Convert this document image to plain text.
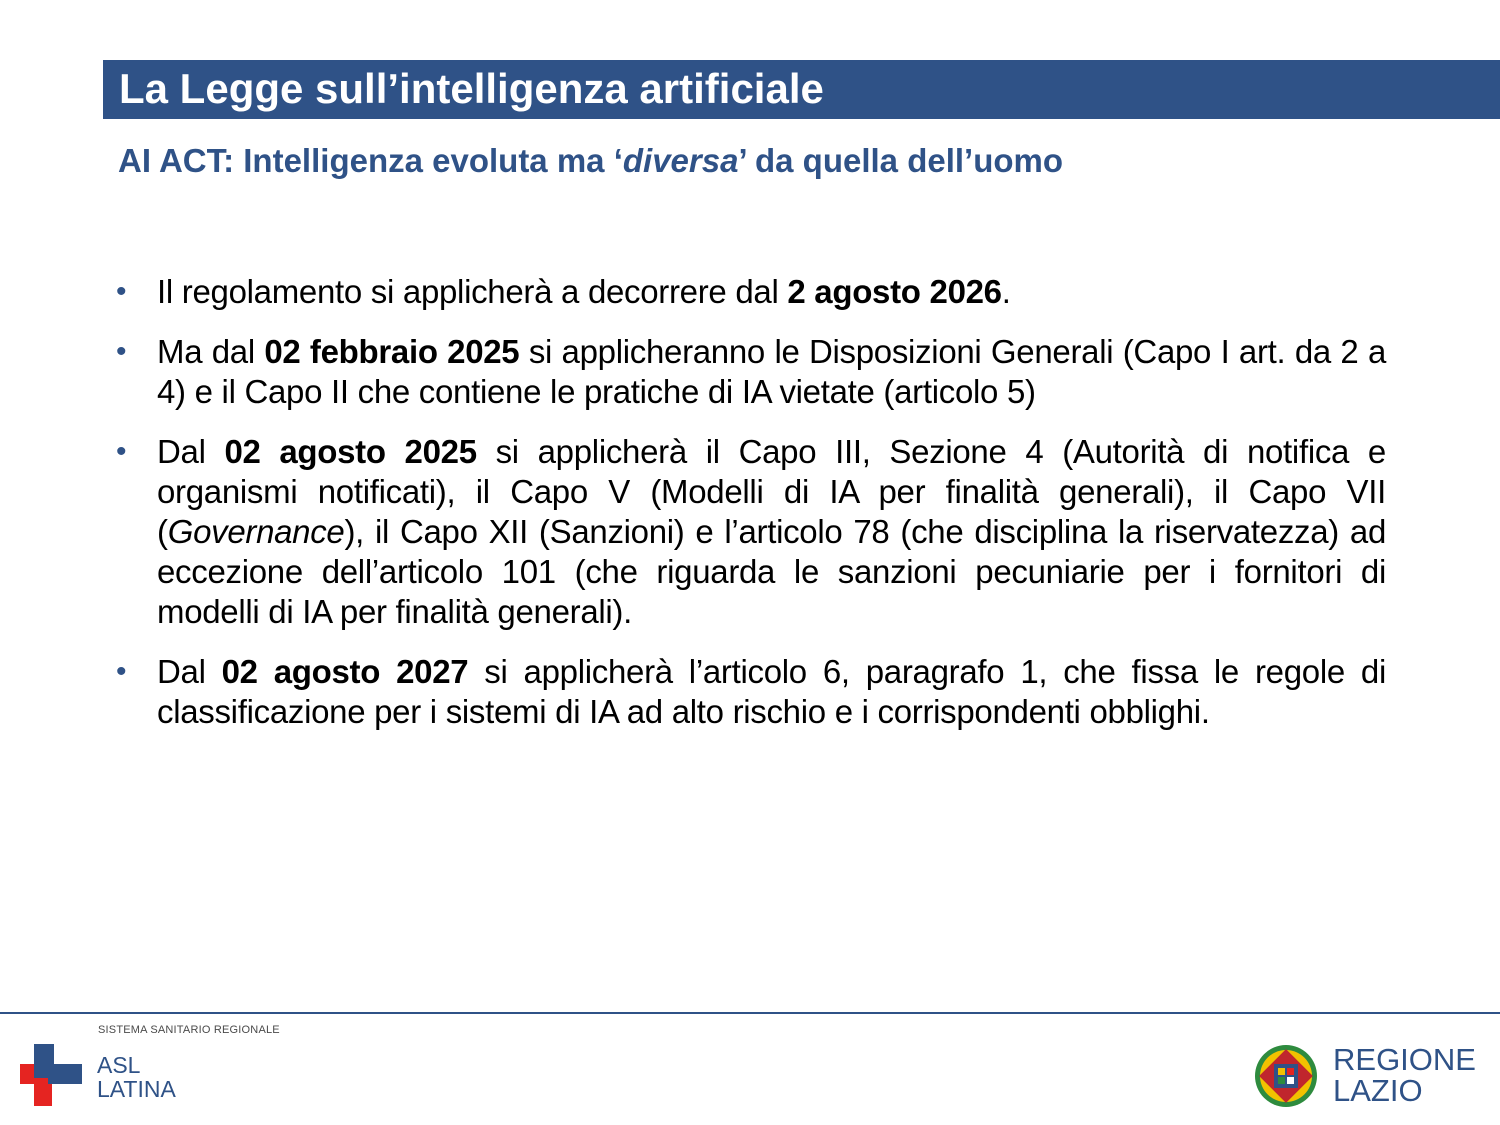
La Legge sull’intelligenza artificiale
AI ACT: Intelligenza evoluta ma ‘diversa’ da quella dell’uomo
• Il regolamento si applicherà a decorrere dal 2 agosto 2026.
• Ma dal 02 febbraio 2025 si applicheranno le Disposizioni Generali (Capo I art. da 2 a 4) e il Capo II che contiene le pratiche di IA vietate (articolo 5)
• Dal 02 agosto 2025 si applicherà il Capo III, Sezione 4 (Autorità di notifica e organismi notificati), il Capo V (Modelli di IA per finalità generali), il Capo VII (Governance), il Capo XII (Sanzioni) e l’articolo 78 (che disciplina la riservatezza) ad eccezione dell’articolo 101 (che riguarda le sanzioni pecuniarie per i fornitori di modelli di IA per finalità generali).
• Dal 02 agosto 2027 si applicherà l’articolo 6, paragrafo 1, che fissa le regole di classificazione per i sistemi di IA ad alto rischio e i corrispondenti obblighi.
SISTEMA SANITARIO REGIONALE
ASL
LATINA
REGIONE
LAZIO
